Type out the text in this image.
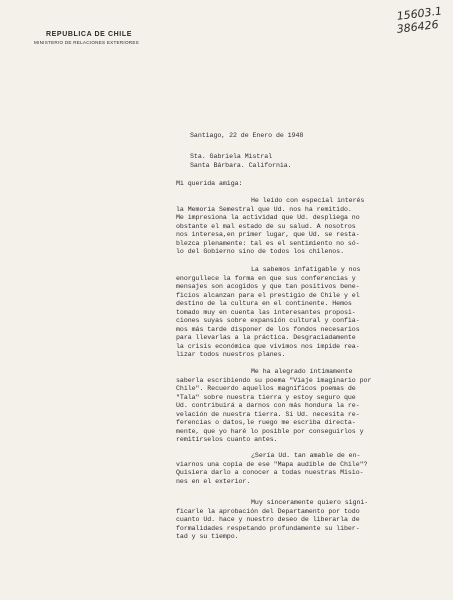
REPUBLICA DE CHILE
MINISTERIO DE RELACIONES EXTERIORES
15603.1
386426
Santiago, 22 de Enero de 1948
Sta. Gabriela Mistral
Santa Bárbara. California.
Mi querida amiga:
He leído con especial interés
la Memoria Semestral que Ud. nos ha remitido.
Me impresiona la actividad que Ud. despliega no
obstante el mal estado de su salud. A nosotros
nos interesa,en primer lugar, que Ud. se resta-
blezca plenamente: tal es el sentimiento no só-
lo del Gobierno sino de todos los chilenos.
La sabemos infatigable y nos
enorgullece la forma en que sus conferencias y
mensajes son acogidos y que tan positivos bene-
ficios alcanzan para el prestigio de Chile y el
destino de la cultura en el continente. Hemos
tomado muy en cuenta las interesantes proposi-
ciones suyas sobre expansión cultural y confia-
mos más tarde disponer de los fondos necesarios
para llevarlas a la práctica. Desgraciadamente
la crisis económica que vivimos nos impide rea-
lizar todos nuestros planes.
Me ha alegrado íntimamente
saberla escribiendo su poema "Viaje imaginario por
Chile". Recuerdo aquellos magníficos poemas de
"Tala" sobre nuestra tierra y estoy seguro que
Ud. contribuirá a darnos con más hondura la re-
velación de nuestra tierra. Si Ud. necesita re-
ferencias o datos,le ruego me escriba directa-
mente, que yo haré lo posible por conseguirlos y
remitírselos cuanto antes.
¿Sería Ud. tan amable de en-
viarnos una copia de ese "Mapa audible de Chile"?
Quisiera darlo a conocer a todas nuestras Misio-
nes en el exterior.
Muy sinceramente quiero signi-
ficarle la aprobación del Departamento por todo
cuanto Ud. hace y nuestro deseo de liberarla de
formalidades respetando profundamente su liber-
tad y su tiempo.
